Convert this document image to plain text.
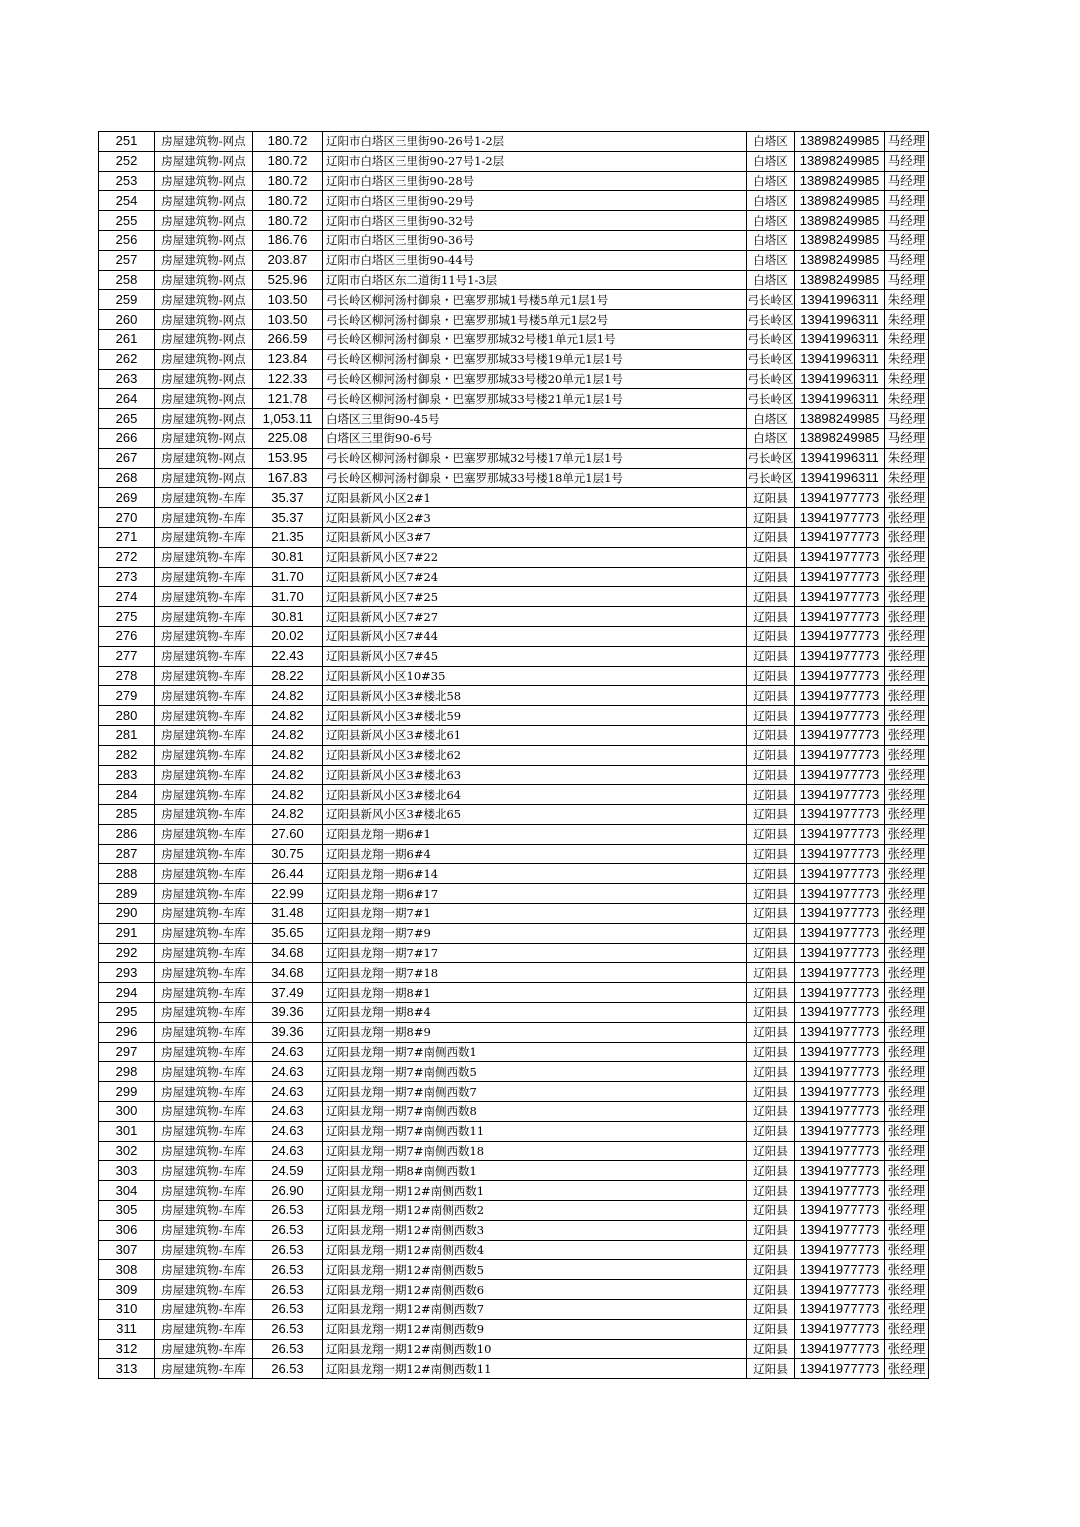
251	房屋建筑物-网点	180.72	辽阳市白塔区三里街90-26号1-2层	白塔区	13898249985	马经理
252	房屋建筑物-网点	180.72	辽阳市白塔区三里街90-27号1-2层	白塔区	13898249985	马经理
253	房屋建筑物-网点	180.72	辽阳市白塔区三里街90-28号	白塔区	13898249985	马经理
254	房屋建筑物-网点	180.72	辽阳市白塔区三里街90-29号	白塔区	13898249985	马经理
255	房屋建筑物-网点	180.72	辽阳市白塔区三里街90-32号	白塔区	13898249985	马经理
256	房屋建筑物-网点	186.76	辽阳市白塔区三里街90-36号	白塔区	13898249985	马经理
257	房屋建筑物-网点	203.87	辽阳市白塔区三里街90-44号	白塔区	13898249985	马经理
258	房屋建筑物-网点	525.96	辽阳市白塔区东二道街11号1-3层	白塔区	13898249985	马经理
259	房屋建筑物-网点	103.50	弓长岭区柳河汤村御泉・巴塞罗那城1号楼5单元1层1号	弓长岭区	13941996311	朱经理
260	房屋建筑物-网点	103.50	弓长岭区柳河汤村御泉・巴塞罗那城1号楼5单元1层2号	弓长岭区	13941996311	朱经理
261	房屋建筑物-网点	266.59	弓长岭区柳河汤村御泉・巴塞罗那城32号楼1单元1层1号	弓长岭区	13941996311	朱经理
262	房屋建筑物-网点	123.84	弓长岭区柳河汤村御泉・巴塞罗那城33号楼19单元1层1号	弓长岭区	13941996311	朱经理
263	房屋建筑物-网点	122.33	弓长岭区柳河汤村御泉・巴塞罗那城33号楼20单元1层1号	弓长岭区	13941996311	朱经理
264	房屋建筑物-网点	121.78	弓长岭区柳河汤村御泉・巴塞罗那城33号楼21单元1层1号	弓长岭区	13941996311	朱经理
265	房屋建筑物-网点	1,053.11	白塔区三里街90-45号	白塔区	13898249985	马经理
266	房屋建筑物-网点	225.08	白塔区三里街90-6号	白塔区	13898249985	马经理
267	房屋建筑物-网点	153.95	弓长岭区柳河汤村御泉・巴塞罗那城32号楼17单元1层1号	弓长岭区	13941996311	朱经理
268	房屋建筑物-网点	167.83	弓长岭区柳河汤村御泉・巴塞罗那城33号楼18单元1层1号	弓长岭区	13941996311	朱经理
269	房屋建筑物-车库	35.37	辽阳县新风小区2#1	辽阳县	13941977773	张经理
270	房屋建筑物-车库	35.37	辽阳县新风小区2#3	辽阳县	13941977773	张经理
271	房屋建筑物-车库	21.35	辽阳县新风小区3#7	辽阳县	13941977773	张经理
272	房屋建筑物-车库	30.81	辽阳县新风小区7#22	辽阳县	13941977773	张经理
273	房屋建筑物-车库	31.70	辽阳县新风小区7#24	辽阳县	13941977773	张经理
274	房屋建筑物-车库	31.70	辽阳县新风小区7#25	辽阳县	13941977773	张经理
275	房屋建筑物-车库	30.81	辽阳县新风小区7#27	辽阳县	13941977773	张经理
276	房屋建筑物-车库	20.02	辽阳县新风小区7#44	辽阳县	13941977773	张经理
277	房屋建筑物-车库	22.43	辽阳县新风小区7#45	辽阳县	13941977773	张经理
278	房屋建筑物-车库	28.22	辽阳县新风小区10#35	辽阳县	13941977773	张经理
279	房屋建筑物-车库	24.82	辽阳县新风小区3#楼北58	辽阳县	13941977773	张经理
280	房屋建筑物-车库	24.82	辽阳县新风小区3#楼北59	辽阳县	13941977773	张经理
281	房屋建筑物-车库	24.82	辽阳县新风小区3#楼北61	辽阳县	13941977773	张经理
282	房屋建筑物-车库	24.82	辽阳县新风小区3#楼北62	辽阳县	13941977773	张经理
283	房屋建筑物-车库	24.82	辽阳县新风小区3#楼北63	辽阳县	13941977773	张经理
284	房屋建筑物-车库	24.82	辽阳县新风小区3#楼北64	辽阳县	13941977773	张经理
285	房屋建筑物-车库	24.82	辽阳县新风小区3#楼北65	辽阳县	13941977773	张经理
286	房屋建筑物-车库	27.60	辽阳县龙翔一期6#1	辽阳县	13941977773	张经理
287	房屋建筑物-车库	30.75	辽阳县龙翔一期6#4	辽阳县	13941977773	张经理
288	房屋建筑物-车库	26.44	辽阳县龙翔一期6#14	辽阳县	13941977773	张经理
289	房屋建筑物-车库	22.99	辽阳县龙翔一期6#17	辽阳县	13941977773	张经理
290	房屋建筑物-车库	31.48	辽阳县龙翔一期7#1	辽阳县	13941977773	张经理
291	房屋建筑物-车库	35.65	辽阳县龙翔一期7#9	辽阳县	13941977773	张经理
292	房屋建筑物-车库	34.68	辽阳县龙翔一期7#17	辽阳县	13941977773	张经理
293	房屋建筑物-车库	34.68	辽阳县龙翔一期7#18	辽阳县	13941977773	张经理
294	房屋建筑物-车库	37.49	辽阳县龙翔一期8#1	辽阳县	13941977773	张经理
295	房屋建筑物-车库	39.36	辽阳县龙翔一期8#4	辽阳县	13941977773	张经理
296	房屋建筑物-车库	39.36	辽阳县龙翔一期8#9	辽阳县	13941977773	张经理
297	房屋建筑物-车库	24.63	辽阳县龙翔一期7#南侧西数1	辽阳县	13941977773	张经理
298	房屋建筑物-车库	24.63	辽阳县龙翔一期7#南侧西数5	辽阳县	13941977773	张经理
299	房屋建筑物-车库	24.63	辽阳县龙翔一期7#南侧西数7	辽阳县	13941977773	张经理
300	房屋建筑物-车库	24.63	辽阳县龙翔一期7#南侧西数8	辽阳县	13941977773	张经理
301	房屋建筑物-车库	24.63	辽阳县龙翔一期7#南侧西数11	辽阳县	13941977773	张经理
302	房屋建筑物-车库	24.63	辽阳县龙翔一期7#南侧西数18	辽阳县	13941977773	张经理
303	房屋建筑物-车库	24.59	辽阳县龙翔一期8#南侧西数1	辽阳县	13941977773	张经理
304	房屋建筑物-车库	26.90	辽阳县龙翔一期12#南侧西数1	辽阳县	13941977773	张经理
305	房屋建筑物-车库	26.53	辽阳县龙翔一期12#南侧西数2	辽阳县	13941977773	张经理
306	房屋建筑物-车库	26.53	辽阳县龙翔一期12#南侧西数3	辽阳县	13941977773	张经理
307	房屋建筑物-车库	26.53	辽阳县龙翔一期12#南侧西数4	辽阳县	13941977773	张经理
308	房屋建筑物-车库	26.53	辽阳县龙翔一期12#南侧西数5	辽阳县	13941977773	张经理
309	房屋建筑物-车库	26.53	辽阳县龙翔一期12#南侧西数6	辽阳县	13941977773	张经理
310	房屋建筑物-车库	26.53	辽阳县龙翔一期12#南侧西数7	辽阳县	13941977773	张经理
311	房屋建筑物-车库	26.53	辽阳县龙翔一期12#南侧西数9	辽阳县	13941977773	张经理
312	房屋建筑物-车库	26.53	辽阳县龙翔一期12#南侧西数10	辽阳县	13941977773	张经理
313	房屋建筑物-车库	26.53	辽阳县龙翔一期12#南侧西数11	辽阳县	13941977773	张经理
